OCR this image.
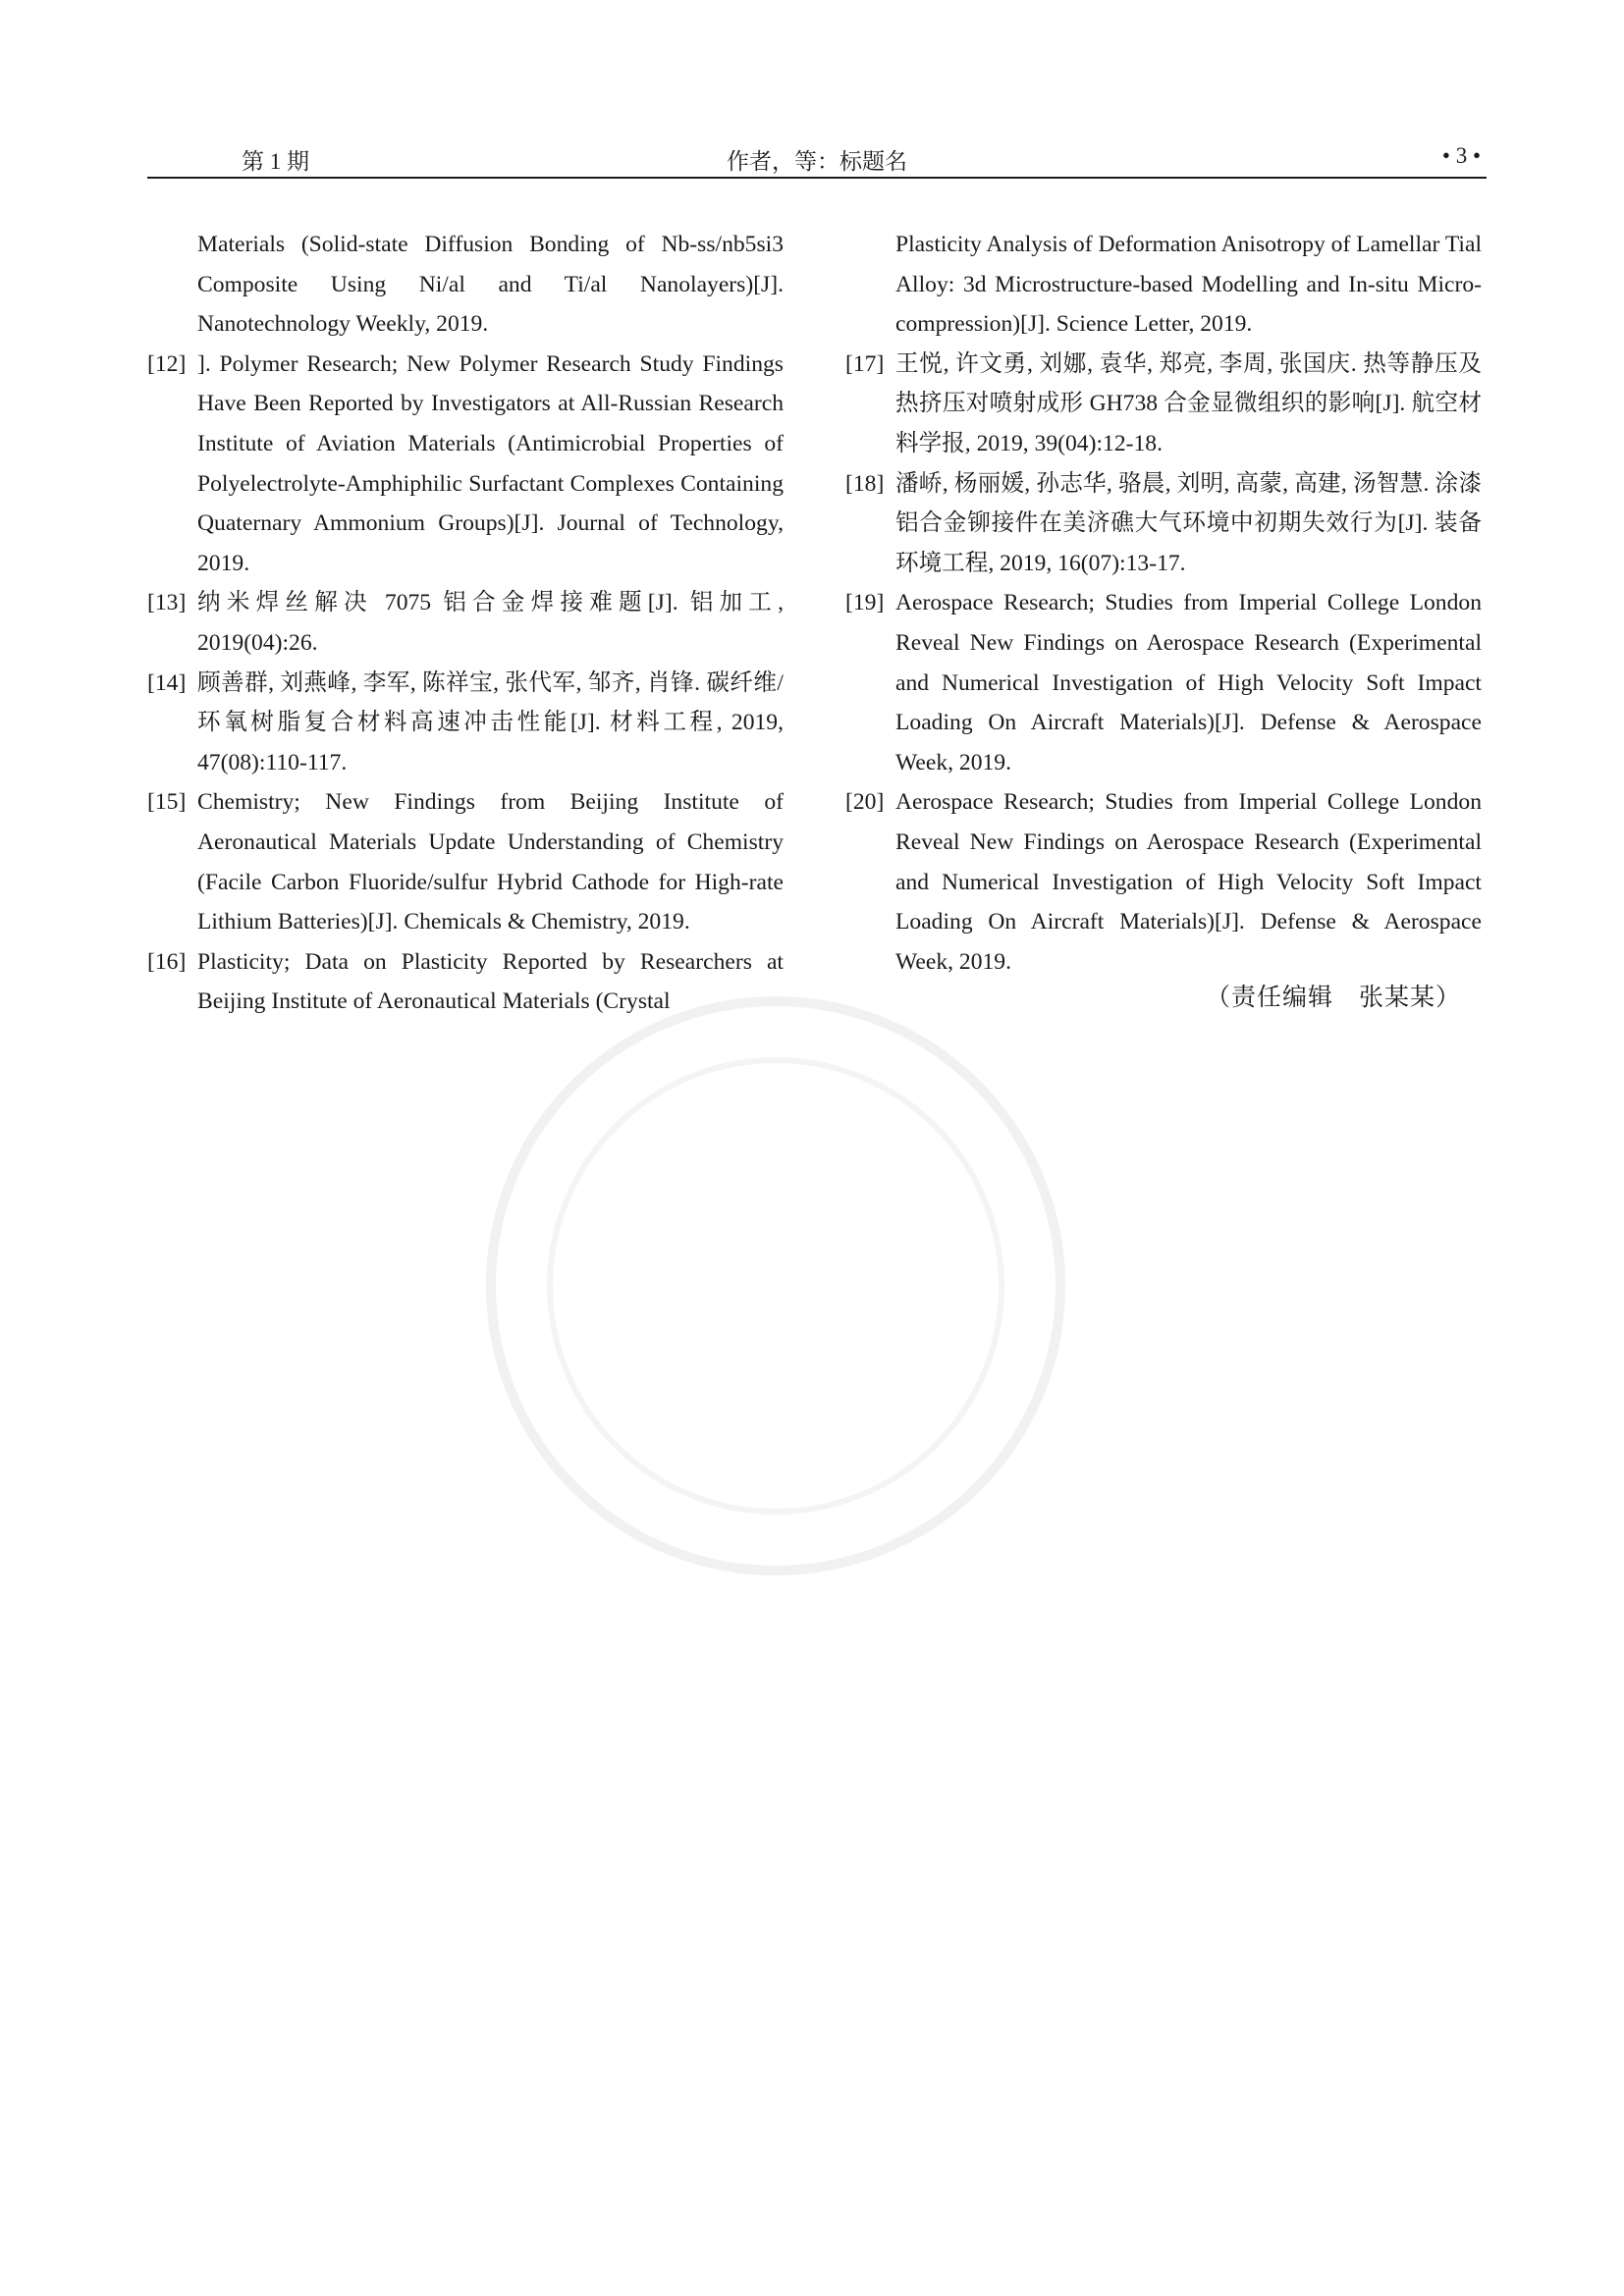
第 1 期	作者，等：标题名	• 3 •

Materials (Solid-state Diffusion Bonding of Nb-ss/nb5si3 Composite Using Ni/al and Ti/al Nanolayers)[J]. Nanotechnology Weekly, 2019.

[12] ]. Polymer Research; New Polymer Research Study Findings Have Been Reported by Investigators at All-Russian Research Institute of Aviation Materials (Antimicrobial Properties of Polyelectrolyte-Amphiphilic Surfactant Complexes Containing Quaternary Ammonium Groups)[J]. Journal of Technology, 2019.

[13] 纳米焊丝解决 7075 铝合金焊接难题[J]. 铝加工, 2019(04):26.

[14] 顾善群, 刘燕峰, 李军, 陈祥宝, 张代军, 邹齐, 肖锋. 碳纤维/环氧树脂复合材料高速冲击性能[J]. 材料工程, 2019, 47(08):110-117.

[15] Chemistry; New Findings from Beijing Institute of Aeronautical Materials Update Understanding of Chemistry (Facile Carbon Fluoride/sulfur Hybrid Cathode for High-rate Lithium Batteries)[J]. Chemicals & Chemistry, 2019.

[16] Plasticity; Data on Plasticity Reported by Researchers at Beijing Institute of Aeronautical Materials (Crystal

Plasticity Analysis of Deformation Anisotropy of Lamellar Tial Alloy: 3d Microstructure-based Modelling and In-situ Micro-compression)[J]. Science Letter, 2019.

[17] 王悦, 许文勇, 刘娜, 袁华, 郑亮, 李周, 张国庆. 热等静压及热挤压对喷射成形 GH738 合金显微组织的影响[J]. 航空材料学报, 2019, 39(04):12-18.

[18] 潘峤, 杨丽媛, 孙志华, 骆晨, 刘明, 高蒙, 高建, 汤智慧. 涂漆铝合金铆接件在美济礁大气环境中初期失效行为[J]. 装备环境工程, 2019, 16(07):13-17.

[19] Aerospace Research; Studies from Imperial College London Reveal New Findings on Aerospace Research (Experimental and Numerical Investigation of High Velocity Soft Impact Loading On Aircraft Materials)[J]. Defense & Aerospace Week, 2019.

[20] Aerospace Research; Studies from Imperial College London Reveal New Findings on Aerospace Research (Experimental and Numerical Investigation of High Velocity Soft Impact Loading On Aircraft Materials)[J]. Defense & Aerospace Week, 2019.

（责任编辑　张某某）
